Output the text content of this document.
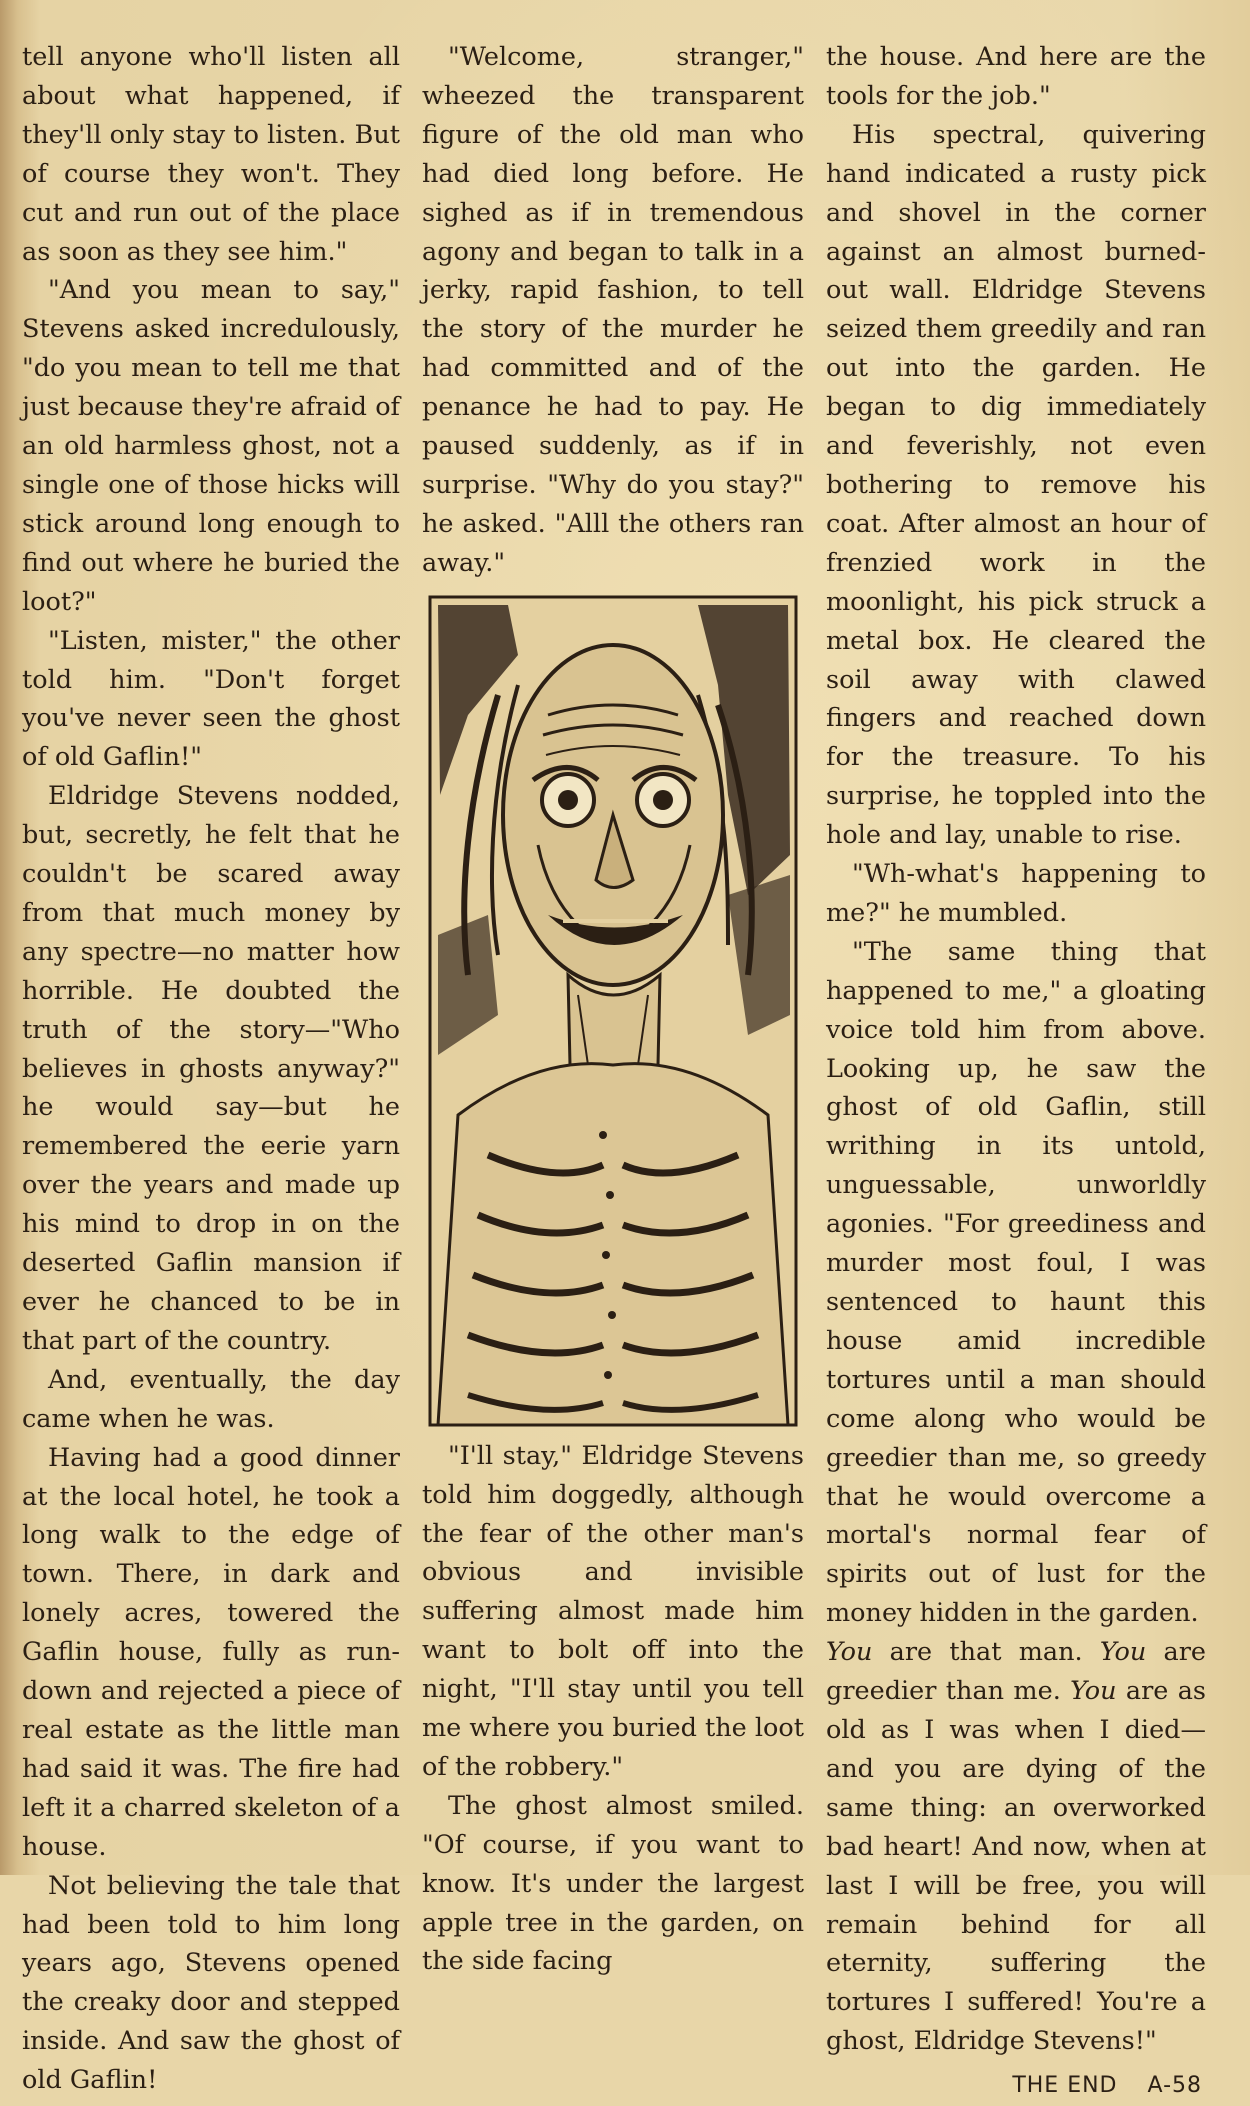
tell anyone who'll listen all about what happened, if they'll only stay to listen. But of course they won't. They cut and run out of the place as soon as they see him."

"And you mean to say," Stevens asked incredulously, "do you mean to tell me that just because they're afraid of an old harmless ghost, not a single one of those hicks will stick around long enough to find out where he buried the loot?"

"Listen, mister," the other told him. "Don't forget you've never seen the ghost of old Gaflin!"

Eldridge Stevens nodded, but, secretly, he felt that he couldn't be scared away from that much money by any spectre—no matter how horrible. He doubted the truth of the story—"Who believes in ghosts anyway?" he would say—but he remembered the eerie yarn over the years and made up his mind to drop in on the deserted Gaflin mansion if ever he chanced to be in that part of the country.

And, eventually, the day came when he was.

Having had a good dinner at the local hotel, he took a long walk to the edge of town. There, in dark and lonely acres, towered the Gaflin house, fully as run-down and rejected a piece of real estate as the little man had said it was. The fire had left it a charred skeleton of a house.

Not believing the tale that had been told to him long years ago, Stevens opened the creaky door and stepped inside. And saw the ghost of old Gaflin!

"Welcome, stranger," wheezed the transparent figure of the old man who had died long before. He sighed as if in tremendous agony and began to talk in a jerky, rapid fashion, to tell the story of the murder he had committed and of the penance he had to pay. He paused suddenly, as if in surprise. "Why do you stay?" he asked. "Alll the others ran away."

"I'll stay," Eldridge Stevens told him doggedly, although the fear of the other man's obvious and invisible suffering almost made him want to bolt off into the night, "I'll stay until you tell me where you buried the loot of the robbery."

The ghost almost smiled. "Of course, if you want to know. It's under the largest apple tree in the garden, on the side facing

the house. And here are the tools for the job."

His spectral, quivering hand indicated a rusty pick and shovel in the corner against an almost burned-out wall. Eldridge Stevens seized them greedily and ran out into the garden. He began to dig immediately and feverishly, not even bothering to remove his coat. After almost an hour of frenzied work in the moonlight, his pick struck a metal box. He cleared the soil away with clawed fingers and reached down for the treasure. To his surprise, he toppled into the hole and lay, unable to rise.

"Wh-what's happening to me?" he mumbled.

"The same thing that happened to me," a gloating voice told him from above. Looking up, he saw the ghost of old Gaflin, still writhing in its untold, unguessable, unworldly agonies. "For greediness and murder most foul, I was sentenced to haunt this house amid incredible tortures until a man should come along who would be greedier than me, so greedy that he would overcome a mortal's normal fear of spirits out of lust for the money hidden in the garden.

You are that man. You are greedier than me. You are as old as I was when I died—and you are dying of the same thing: an overworked bad heart! And now, when at last I will be free, you will remain behind for all eternity, suffering the tortures I suffered! You're a ghost, Eldridge Stevens!"

THE END A-58
